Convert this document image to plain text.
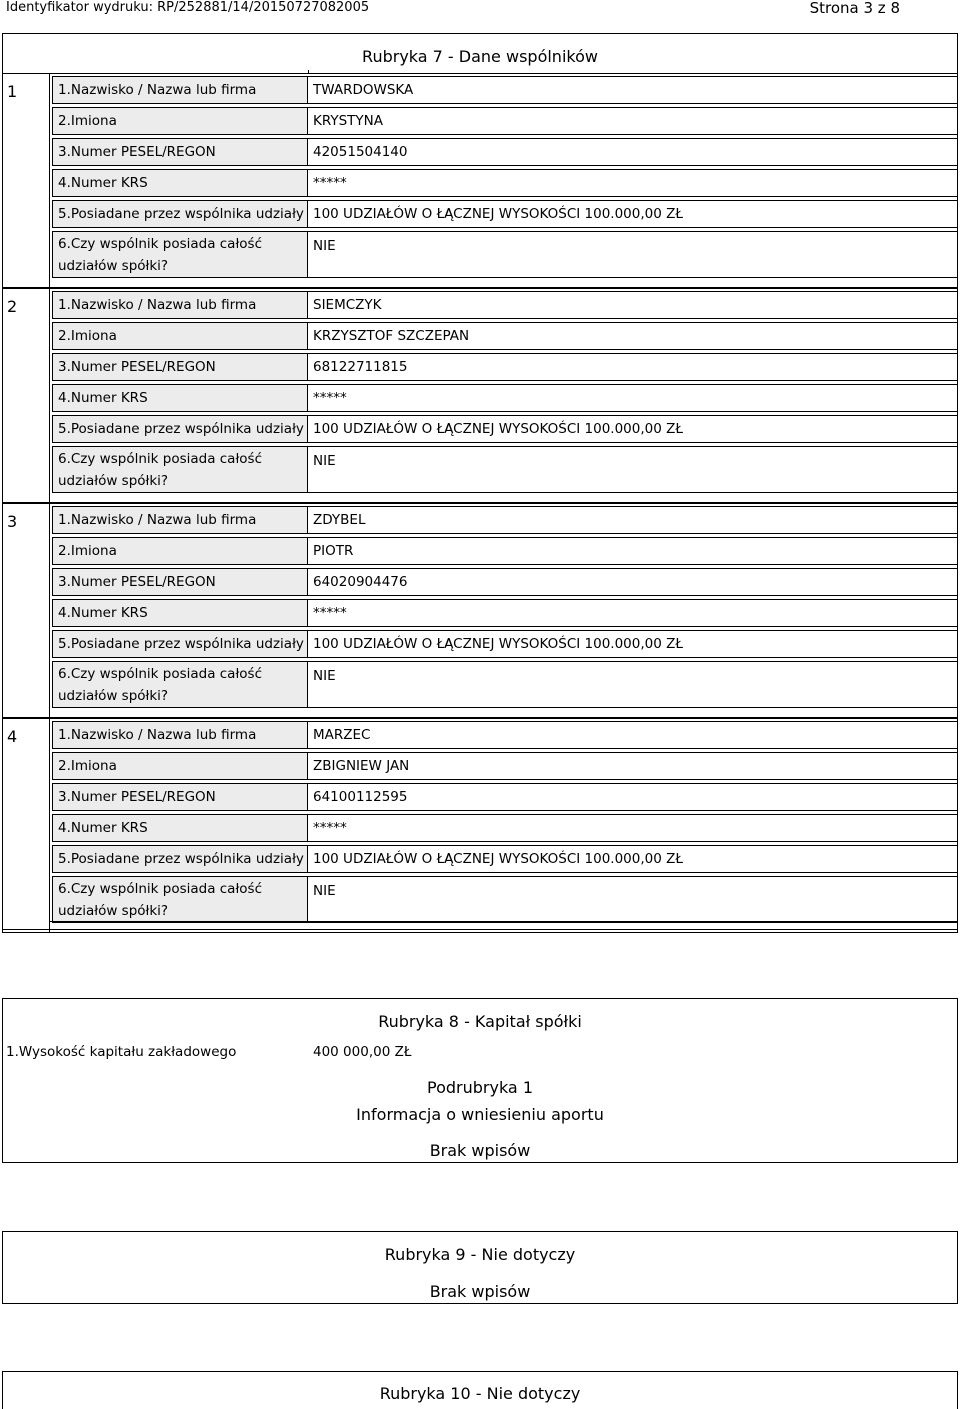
Identyfikator wydruku: RP/252881/14/20150727082005	Strona 3 z 8
Rubryka 7 - Dane wspólników
1	1.Nazwisko / Nazwa lub firma	TWARDOWSKA
2.Imiona	KRYSTYNA
3.Numer PESEL/REGON	42051504140
4.Numer KRS	*****
5.Posiadane przez wspólnika udziały 100 UDZIAŁÓW O ŁĄCZNEJ WYSOKOŚCI 100.000,00 ZŁ
6.Czy wspólnik posiada całość
udziałów spółki?
NIE
2	1.Nazwisko / Nazwa lub firma	SIEMCZYK
2.Imiona	KRZYSZTOF SZCZEPAN
3.Numer PESEL/REGON	68122711815
4.Numer KRS	*****
5.Posiadane przez wspólnika udziały 100 UDZIAŁÓW O ŁĄCZNEJ WYSOKOŚCI 100.000,00 ZŁ
6.Czy wspólnik posiada całość
udziałów spółki?
NIE
3	1.Nazwisko / Nazwa lub firma	ZDYBEL
2.Imiona	PIOTR
3.Numer PESEL/REGON	64020904476
4.Numer KRS	*****
5.Posiadane przez wspólnika udziały 100 UDZIAŁÓW O ŁĄCZNEJ WYSOKOŚCI 100.000,00 ZŁ
6.Czy wspólnik posiada całość
udziałów spółki?
NIE
4	1.Nazwisko / Nazwa lub firma	MARZEC
2.Imiona	ZBIGNIEW JAN
3.Numer PESEL/REGON	64100112595
4.Numer KRS	*****
5.Posiadane przez wspólnika udziały 100 UDZIAŁÓW O ŁĄCZNEJ WYSOKOŚCI 100.000,00 ZŁ
6.Czy wspólnik posiada całość
udziałów spółki?
NIE
Rubryka 8 - Kapitał spółki
1.Wysokość kapitału zakładowego	400 000,00 ZŁ
Podrubryka 1
Informacja o wniesieniu aportu
Brak wpisów
Rubryka 9 - Nie dotyczy
Brak wpisów
Rubryka 10 - Nie dotyczy
